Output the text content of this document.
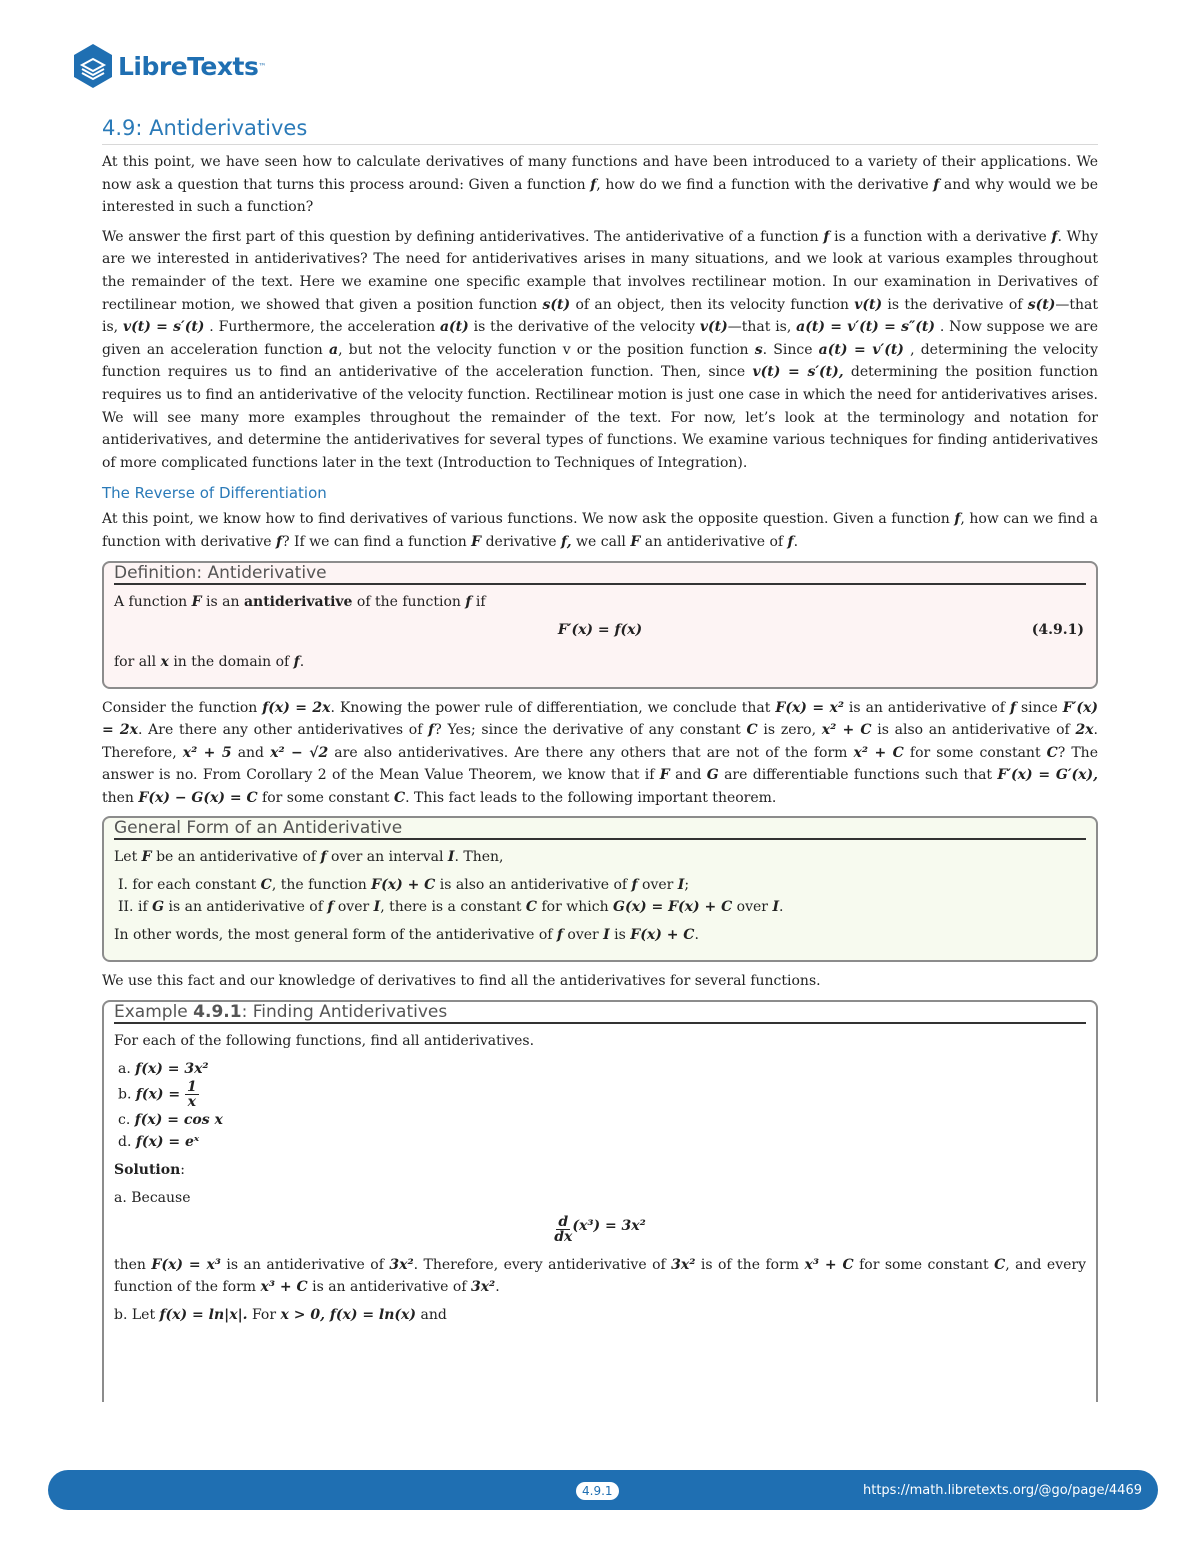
LibreTexts ™
4.9: Antiderivatives

At this point, we have seen how to calculate derivatives of many functions and have been introduced to a variety of their applications. We now ask a question that turns this process around: Given a function f, how do we find a function with the derivative f and why would we be interested in such a function?

We answer the first part of this question by defining antiderivatives. The antiderivative of a function f is a function with a derivative f. Why are we interested in antiderivatives? The need for antiderivatives arises in many situations, and we look at various examples throughout the remainder of the text. Here we examine one specific example that involves rectilinear motion. In our examination in Derivatives of rectilinear motion, we showed that given a position function s(t) of an object, then its velocity function v(t) is the derivative of s(t)—that is, v(t) = s′(t) . Furthermore, the acceleration a(t) is the derivative of the velocity v(t)—that is, a(t) = v′(t) = s″(t) . Now suppose we are given an acceleration function a, but not the velocity function v or the position function s. Since a(t) = v′(t) , determining the velocity function requires us to find an antiderivative of the acceleration function. Then, since v(t) = s′(t), determining the position function requires us to find an antiderivative of the velocity function. Rectilinear motion is just one case in which the need for antiderivatives arises. We will see many more examples throughout the remainder of the text. For now, let’s look at the terminology and notation for antiderivatives, and determine the antiderivatives for several types of functions. We examine various techniques for finding antiderivatives of more complicated functions later in the text (Introduction to Techniques of Integration).

The Reverse of Differentiation

At this point, we know how to find derivatives of various functions. We now ask the opposite question. Given a function f, how can we find a function with derivative f? If we can find a function F derivative f, we call F an antiderivative of f.

Definition: Antiderivative

A function F is an antiderivative of the function f if

F′(x) = f(x)	(4.9.1)

for all x in the domain of f.

Consider the function f(x) = 2x. Knowing the power rule of differentiation, we conclude that F(x) = x² is an antiderivative of f since F′(x) = 2x. Are there any other antiderivatives of f? Yes; since the derivative of any constant C is zero, x² + C is also an antiderivative of 2x. Therefore, x² + 5 and x² − √2 are also antiderivatives. Are there any others that are not of the form x² + C for some constant C? The answer is no. From Corollary 2 of the Mean Value Theorem, we know that if F and G are differentiable functions such that F′(x) = G′(x), then F(x) − G(x) = C for some constant C. This fact leads to the following important theorem.

General Form of an Antiderivative

Let F be an antiderivative of f over an interval I. Then,

I. for each constant C, the function F(x) + C is also an antiderivative of f over I;
II. if G is an antiderivative of f over I, there is a constant C for which G(x) = F(x) + C over I.

In other words, the most general form of the antiderivative of f over I is F(x) + C.

We use this fact and our knowledge of derivatives to find all the antiderivatives for several functions.

Example 4.9.1: Finding Antiderivatives

For each of the following functions, find all antiderivatives.

a. f(x) = 3x²
b. $f(x) = \frac{1}{x}$
c. f(x) = cos x
d. f(x) = eˣ

Solution:

a. Because

$\frac{d}{dx} (x^3) = 3x^2$

then F(x) = x³ is an antiderivative of 3x². Therefore, every antiderivative of 3x² is of the form x³ + C for some constant C, and every function of the form x³ + C is an antiderivative of 3x².

b. Let f(x) = ln|x|. For x > 0, f(x) = ln(x) and

4.9.1	https://math.libretexts.org/@go/page/4469
